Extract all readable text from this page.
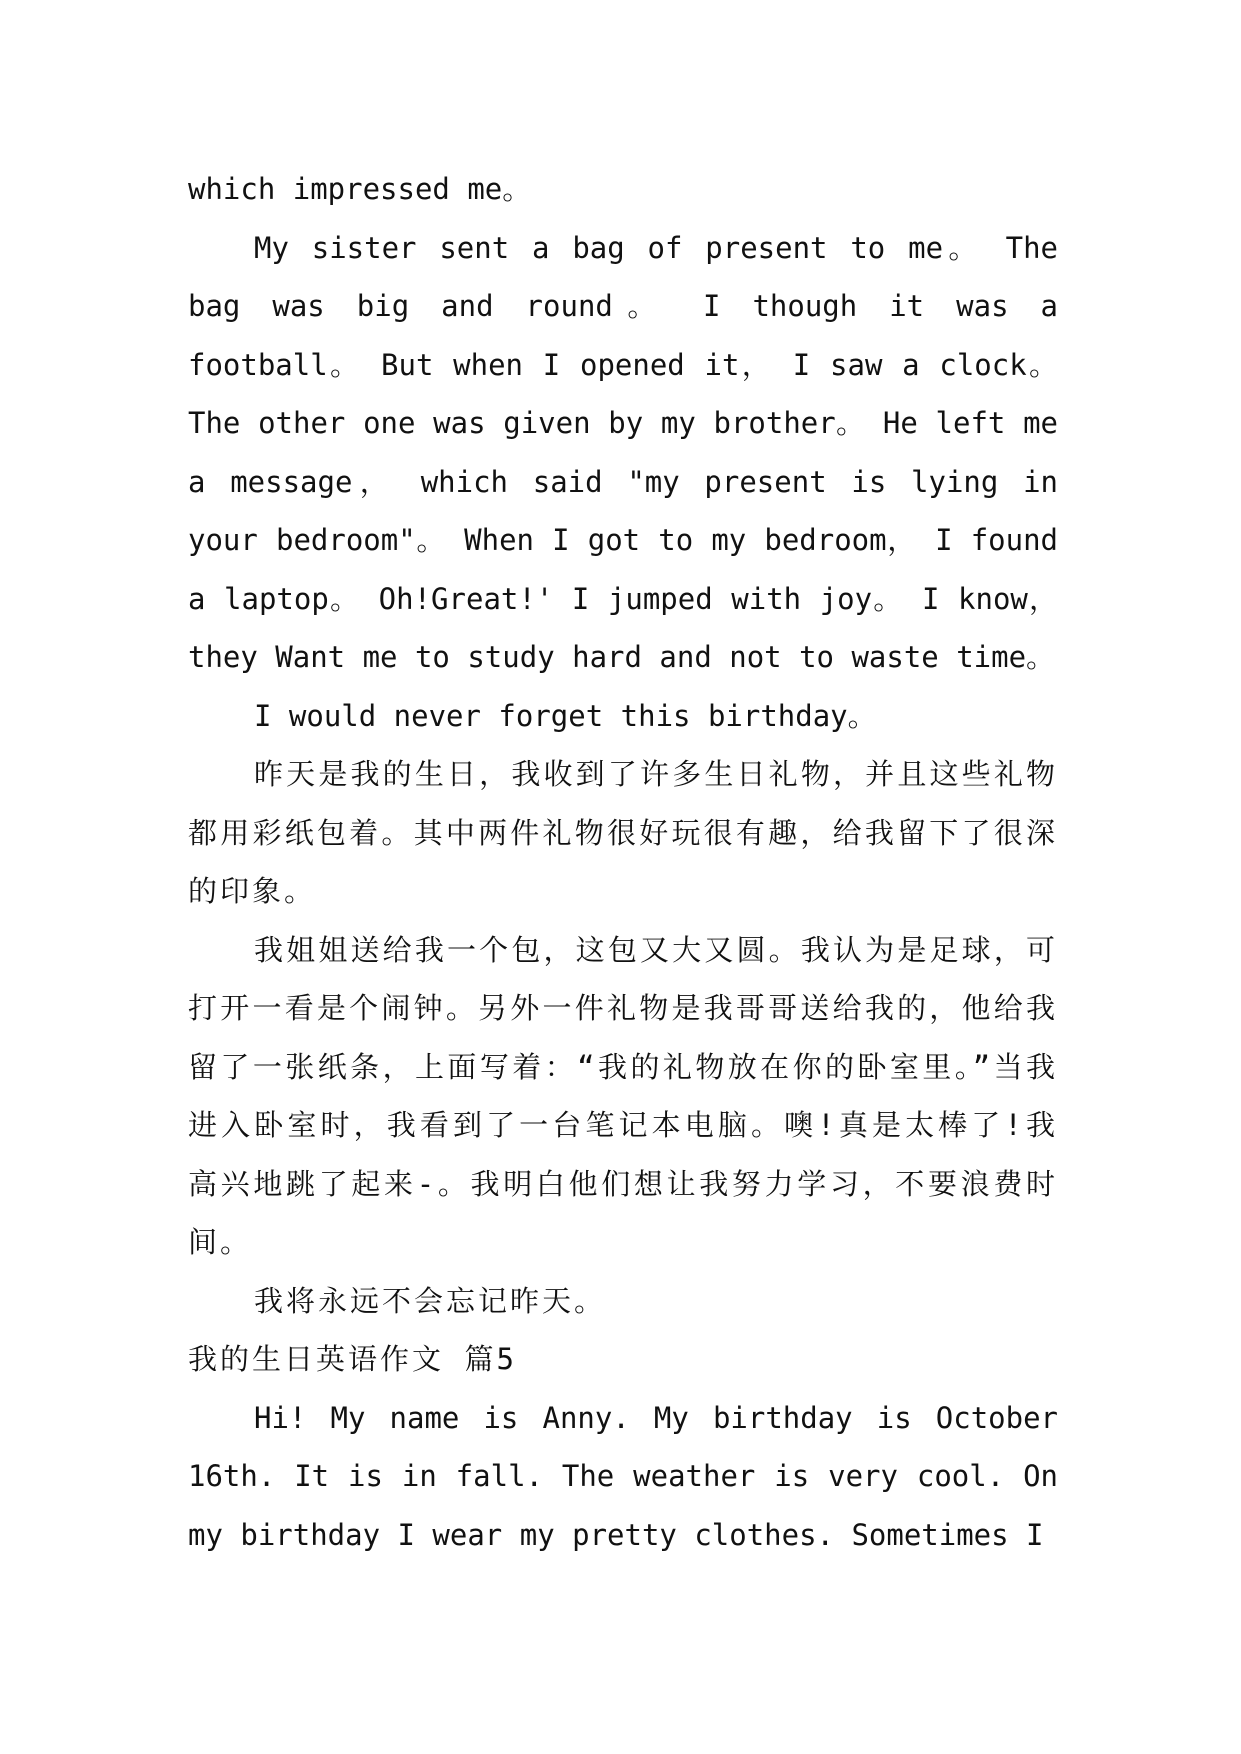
which impressed me。

My sister sent a bag of present to me。 The bag was big and round。 I though it was a football。 But when I opened it， I saw a clock。 The other one was given by my brother。 He left me a message， which said "my present is lying in your bedroom"。 When I got to my bedroom， I found a laptop。 Oh!Great!' I jumped with joy。 I know， they Want me to study hard and not to waste time。

I would never forget this birthday。

昨天是我的生日，我收到了许多生日礼物，并且这些礼物都用彩纸包着。其中两件礼物很好玩很有趣，给我留下了很深的印象。

我姐姐送给我一个包，这包又大又圆。我认为是足球，可打开一看是个闹钟。另外一件礼物是我哥哥送给我的，他给我留了一张纸条，上面写着：“我的礼物放在你的卧室里。”当我进入卧室时，我看到了一台笔记本电脑。噢!真是太棒了!我高兴地跳了起来-。我明白他们想让我努力学习，不要浪费时间。

我将永远不会忘记昨天。

我的生日英语作文 篇5

Hi! My name is Anny. My birthday is October 16th. It is in fall. The weather is very cool. On my birthday I wear my pretty clothes. Sometimes I
